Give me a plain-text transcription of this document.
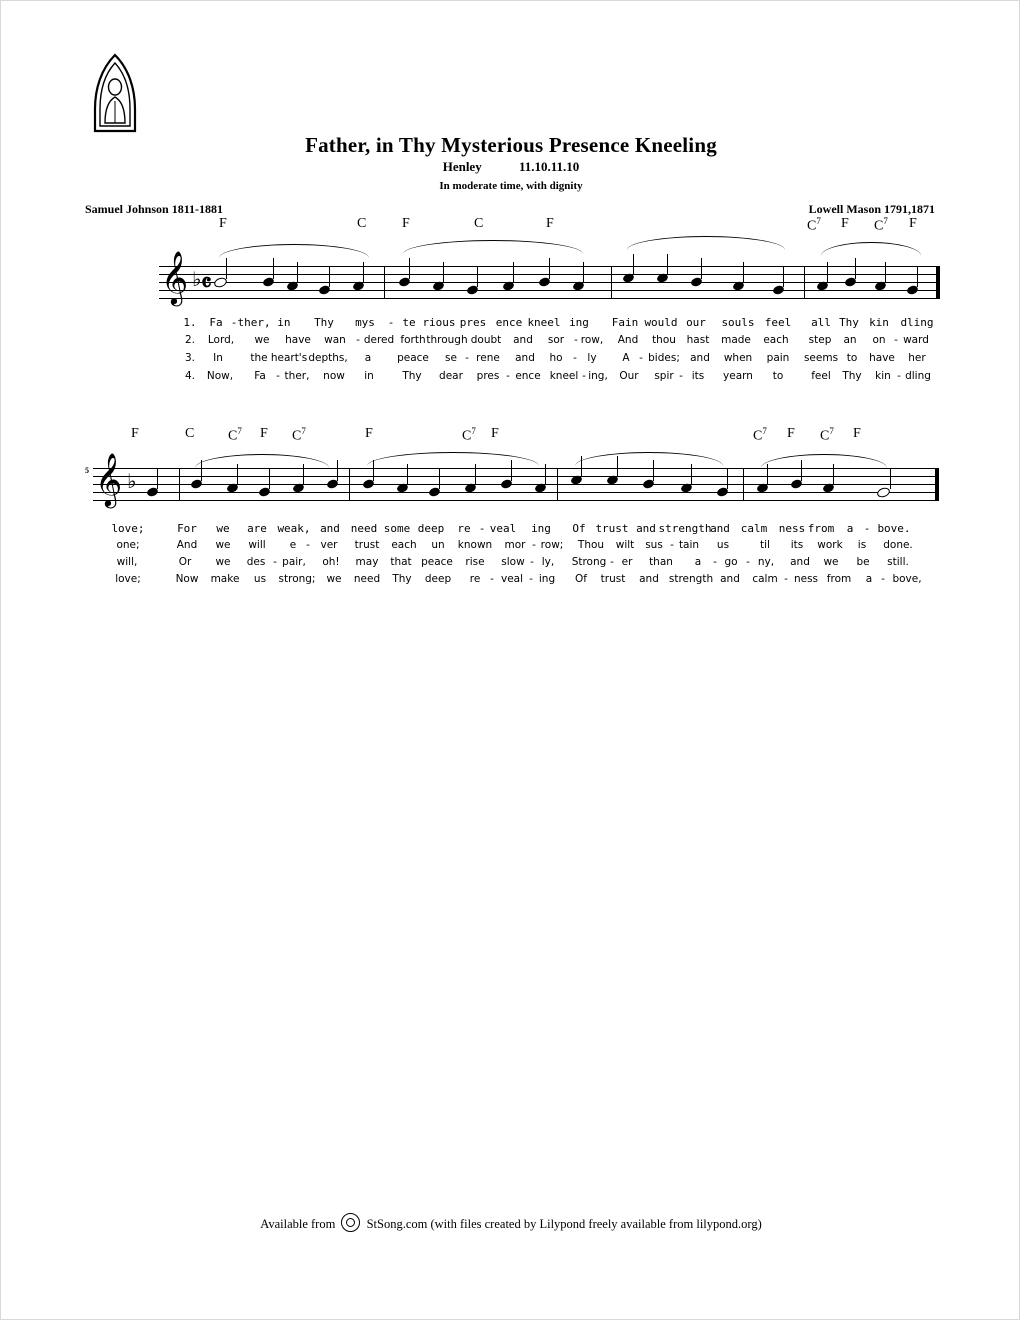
Father, in Thy Mysterious Presence Kneeling
Henley	11.10.11.10
In moderate time, with dignity
Samuel Johnson 1811-1881	Lowell Mason 1791,1871
F	C	F	C	F	$C^7$ F $C^7$ F
𝄞 ♭ 𝄴
1. Fa - ther, in Thy mys - te rious pres ence kneel ing Fain would our souls feel all Thy kin dling
2. Lord, we have wan - dered forth through doubt and sor - row, And thou hast made each step an on - ward
3. In	the heart's depths, a peace se - rene and ho - ly A - bides; and when pain seems to have her
4. Now, Fa - ther, now in	Thy dear pres - ence kneel - ing, Our spir - its yearn to	feel Thy kin - dling
F	C $C^7$ F $C^7$	F	$C^7$ F	$C^7$ F $C^7$ F
5 𝄞 ♭
love;	For we are weak, and need some deep re - veal ing Of trust and strength
and calm ness from a - bove.
one;	And we will e - ver trust each un known mor - row; Thou wilt sus - tain us	til its work is done.
will,	Or we des - pair, oh! may that peace rise slow - ly, Strong - er than a - go - ny, and we be still.
love;	Now make us strong; we need Thy deep re - veal - ing Of trust and strength and calm - ness from a - bove,
Available from	StSong.com (with files created by Lilypond freely available from lilypond.org)
